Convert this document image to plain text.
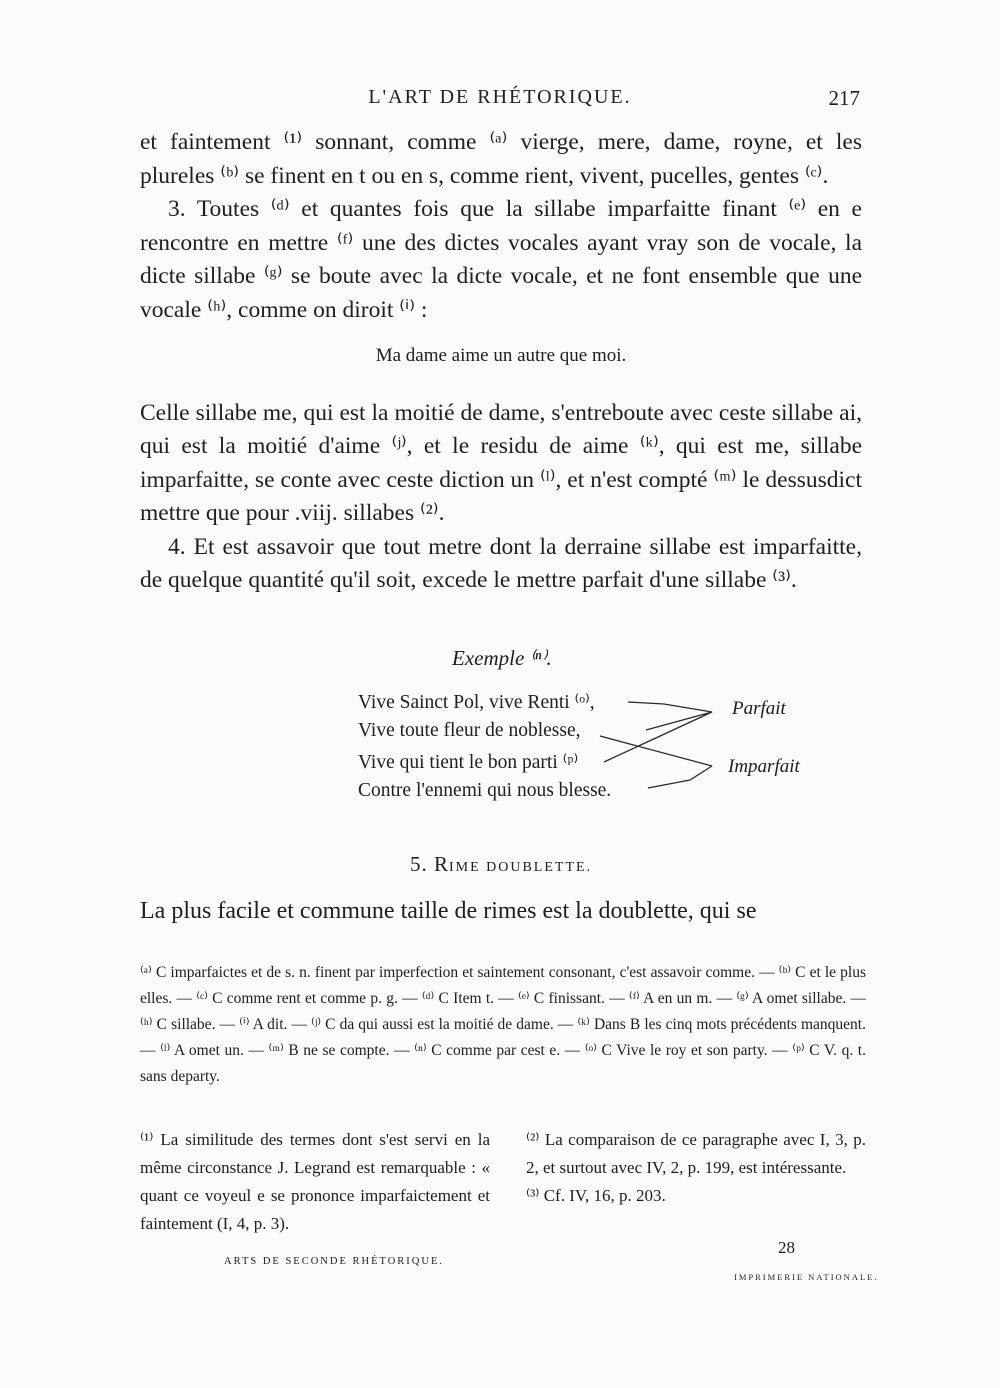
L'ART DE RHÉTORIQUE.	217

et faintement ⁽¹⁾ sonnant, comme ⁽ᵃ⁾ vierge, mere, dame, royne, et les plureles ⁽ᵇ⁾ se finent en t ou en s, comme rient, vivent, pucelles, gentes ⁽ᶜ⁾.

3. Toutes ⁽ᵈ⁾ et quantes fois que la sillabe imparfaitte finant ⁽ᵉ⁾ en e rencontre en mettre ⁽ᶠ⁾ une des dictes vocales ayant vray son de vocale, la dicte sillabe ⁽ᵍ⁾ se boute avec la dicte vocale, et ne font ensemble que une vocale ⁽ʰ⁾, comme on diroit ⁽ⁱ⁾ :

Ma dame aime un autre que moi.

Celle sillabe me, qui est la moitié de dame, s'entreboute avec ceste sillabe ai, qui est la moitié d'aime ⁽ʲ⁾, et le residu de aime ⁽ᵏ⁾, qui est me, sillabe imparfaitte, se conte avec ceste diction un ⁽ˡ⁾, et n'est compté ⁽ᵐ⁾ le dessusdict mettre que pour .viij. sillabes ⁽²⁾.

4. Et est assavoir que tout metre dont la derraine sillabe est imparfaitte, de quelque quantité qu'il soit, excede le mettre parfait d'une sillabe ⁽³⁾.

Exemple ⁽ⁿ⁾.
Vive Sainct Pol, vive Renti ⁽ᵒ⁾,
Vive toute fleur de noblesse,
Vive qui tient le bon parti ⁽ᵖ⁾
Contre l'ennemi qui nous blesse.
Parfait
Imparfait
5. RIME DOUBLETTE.
La plus facile et commune taille de rimes est la doublette, qui se
⁽ᵃ⁾ C imparfaictes et de s. n. finent par imperfection et saintement consonant, c'est assavoir comme. — ⁽ᵇ⁾ C et le plus elles. — ⁽ᶜ⁾ C comme rent et comme p. g. — ⁽ᵈ⁾ C Item t. — ⁽ᵉ⁾ C finissant. — ⁽ᶠ⁾ A en un m. — ⁽ᵍ⁾ A omet sillabe. — ⁽ʰ⁾ C sillabe. — ⁽ⁱ⁾ A dit. — ⁽ʲ⁾ C da qui aussi est la moitié de dame. — ⁽ᵏ⁾ Dans B les cinq mots précédents manquent. — ⁽ˡ⁾ A omet un. — ⁽ᵐ⁾ B ne se compte. — ⁽ⁿ⁾ C comme par cest e. — ⁽ᵒ⁾ C Vive le roy et son party. — ⁽ᵖ⁾ C V. q. t. sans departy.
⁽¹⁾ La similitude des termes dont s'est servi en la même circonstance J. Legrand est remarquable : « quant ce voyeul e se prononce imparfaictement et faintement (I, 4, p. 3).
⁽²⁾ La comparaison de ce paragraphe avec I, 3, p. 2, et surtout avec IV, 2, p. 199, est intéressante.
⁽³⁾ Cf. IV, 16, p. 203.
ARTS DE SECONDE RHÉTORIQUE.
28
IMPRIMERIE NATIONALE.
